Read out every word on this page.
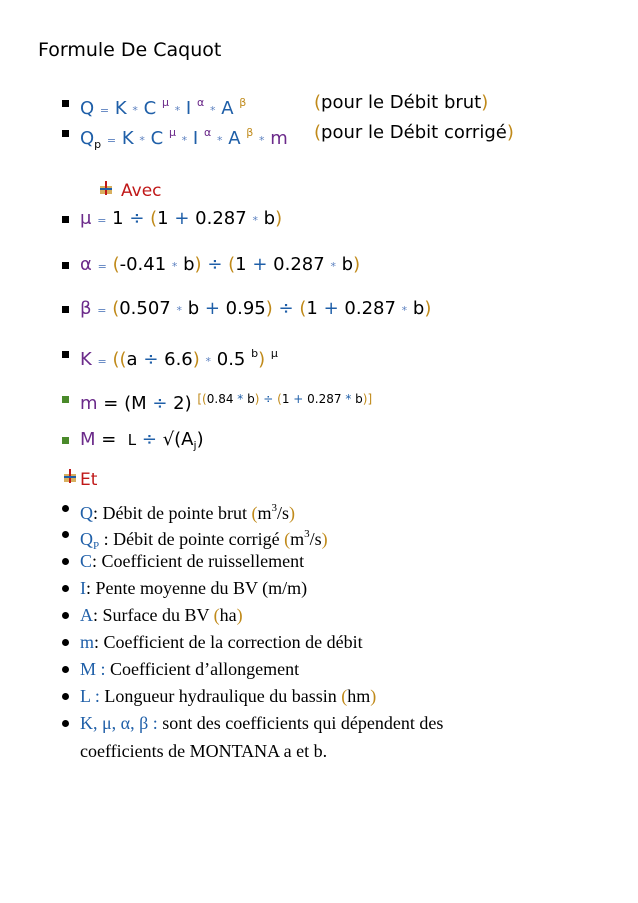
Formule De Caquot
Q = K * C $^\mu$ * I $^\alpha$ * A $^\beta$	(pour le Débit brut)
$Q_p = K * C$ $^\mu$ * I $^\alpha$ * A $^\beta$ * m (pour le Débit corrigé)
Avec
μ = 1 ÷ (1 + 0.287 * b)
α = (-0.41 * b) ÷ (1 + 0.287 * b)
β = (0.507 * b + 0.95) ÷ (1 + 0.287 * b)
K = ((a ÷ 6.6) * 0.5 $^b$) $^\mu$
m = (M ÷ 2) [(0.84 * b) ÷ (1 + 0.287 * b)]
$M = L \div √(A_j)$
Et
Q: Débit de pointe brut $(m^3/s)$
$Q_P$ : Débit de pointe corrigé $(m^3/s)$
C: Coefficient de ruissellement
I: Pente moyenne du BV (m/m)
A: Surface du BV (ha)
m: Coefficient de la correction de débit
M : Coefficient d’allongement
L : Longueur hydraulique du bassin (hm)
K, μ, α, β : sont des coefficients qui dépendent des
coefficients de MONTANA a et b.
